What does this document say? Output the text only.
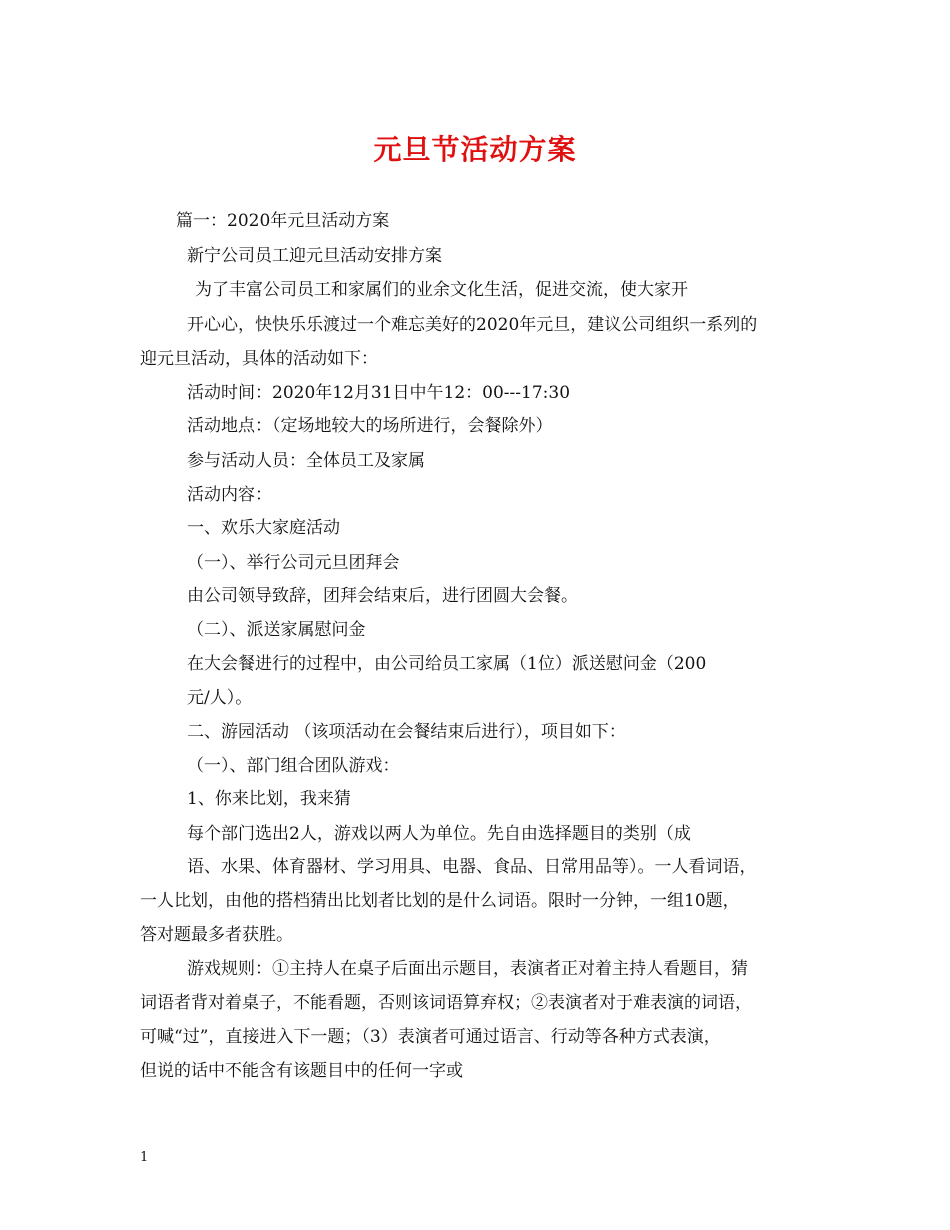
元旦节活动方案
篇一：2020年元旦活动方案
新宁公司员工迎元旦活动安排方案
为了丰富公司员工和家属们的业余文化生活，促进交流，使大家开
开心心，快快乐乐渡过一个难忘美好的2020年元旦，建议公司组织一系列的
迎元旦活动，具体的活动如下：
活动时间：2020年12月31日中午12：00---17:30
活动地点：（定场地较大的场所进行，会餐除外）
参与活动人员：全体员工及家属
活动内容：
一、欢乐大家庭活动
（一）、举行公司元旦团拜会
由公司领导致辞，团拜会结束后，进行团圆大会餐。
（二）、派送家属慰问金
在大会餐进行的过程中，由公司给员工家属（1位）派送慰问金（200
元/人）。
二、游园活动 （该项活动在会餐结束后进行），项目如下：
（一）、部门组合团队游戏：
1、你来比划，我来猜
每个部门选出2人，游戏以两人为单位。先自由选择题目的类别（成
语、水果、体育器材、学习用具、电器、食品、日常用品等）。一人看词语，
一人比划，由他的搭档猜出比划者比划的是什么词语。限时一分钟，一组10题，
答对题最多者获胜。
游戏规则：①主持人在桌子后面出示题目，表演者正对着主持人看题目，猜
词语者背对着桌子，不能看题，否则该词语算弃权；②表演者对于难表演的词语，
可喊“过”，直接进入下一题；（3）表演者可通过语言、行动等各种方式表演，
但说的话中不能含有该题目中的任何一字或
1
